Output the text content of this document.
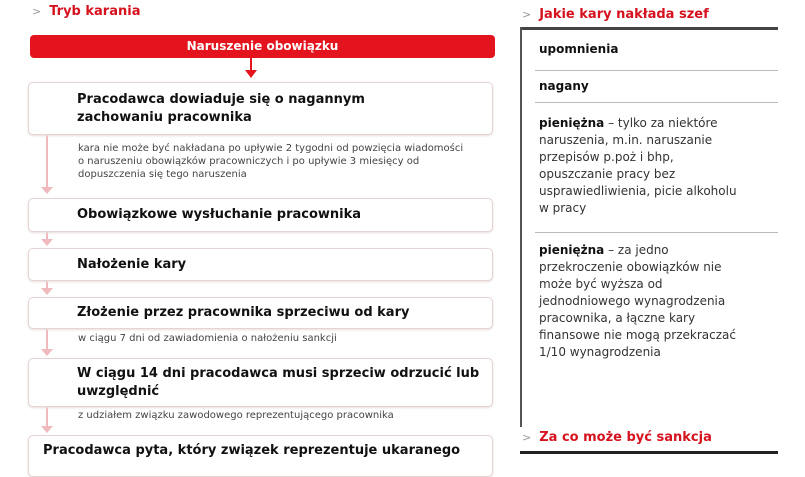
> Tryb karania
Naruszenie obowiązku
Pracodawca dowiaduje się o nagannym zachowaniu pracownika
kara nie może być nakładana po upływie 2 tygodni od powzięcia wiadomości o naruszeniu obowiązków pracowniczych i po upływie 3 miesięcy od dopuszczenia się tego naruszenia
Obowiązkowe wysłuchanie pracownika
Nałożenie kary
Złożenie przez pracownika sprzeciwu od kary
w ciągu 7 dni od zawiadomienia o nałożeniu sankcji
W ciągu 14 dni pracodawca musi sprzeciw odrzucić lub uwzględnić
z udziałem związku zawodowego reprezentującego pracownika
Pracodawca pyta, który związek reprezentuje ukaranego
> Jakie kary nakłada szef
upomnienia
nagany
pieniężna – tylko za niektóre naruszenia, m.in. naruszanie przepisów p.poż i bhp, opuszczanie pracy bez usprawiedliwienia, picie alkoholu w pracy
pieniężna – za jedno przekroczenie obowiązków nie może być wyższa od jednodniowego wynagrodzenia pracownika, a łączne kary finansowe nie mogą przekraczać 1/10 wynagrodzenia
> Za co może być sankcja
